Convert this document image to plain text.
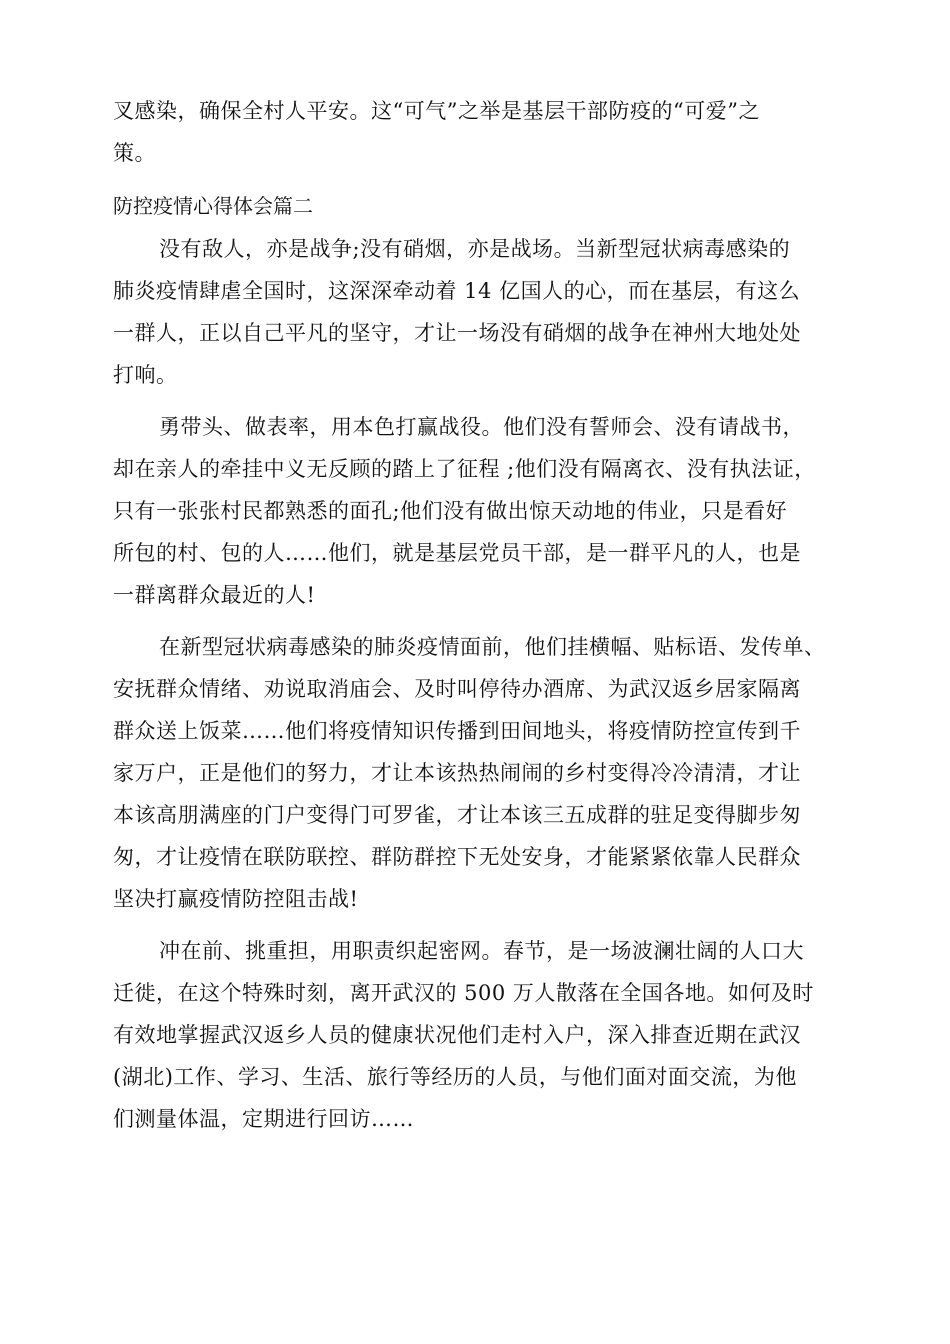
叉感染，确保全村人平安。这“可气”之举是基层干部防疫的“可爱”之
策。
防控疫情心得体会篇二
没有敌人，亦是战争;没有硝烟，亦是战场。当新型冠状病毒感染的
肺炎疫情肆虐全国时，这深深牵动着 14 亿国人的心，而在基层，有这么
一群人，正以自己平凡的坚守，才让一场没有硝烟的战争在神州大地处处
打响。
勇带头、做表率，用本色打赢战役。他们没有誓师会、没有请战书，
却在亲人的牵挂中义无反顾的踏上了征程 ;他们没有隔离衣、没有执法证，
只有一张张村民都熟悉的面孔;他们没有做出惊天动地的伟业，只是看好
所包的村、包的人……他们，就是基层党员干部，是一群平凡的人，也是
一群离群众最近的人!
在新型冠状病毒感染的肺炎疫情面前，他们挂横幅、贴标语、发传单、
安抚群众情绪、劝说取消庙会、及时叫停待办酒席、为武汉返乡居家隔离
群众送上饭菜……他们将疫情知识传播到田间地头，将疫情防控宣传到千
家万户，正是他们的努力，才让本该热热闹闹的乡村变得冷冷清清，才让
本该高朋满座的门户变得门可罗雀，才让本该三五成群的驻足变得脚步匆
匆，才让疫情在联防联控、群防群控下无处安身，才能紧紧依靠人民群众
坚决打赢疫情防控阻击战!
冲在前、挑重担，用职责织起密网。春节，是一场波澜壮阔的人口大
迁徙，在这个特殊时刻，离开武汉的 500 万人散落在全国各地。如何及时
有效地掌握武汉返乡人员的健康状况他们走村入户，深入排查近期在武汉
(湖北)工作、学习、生活、旅行等经历的人员，与他们面对面交流，为他
们测量体温，定期进行回访……
